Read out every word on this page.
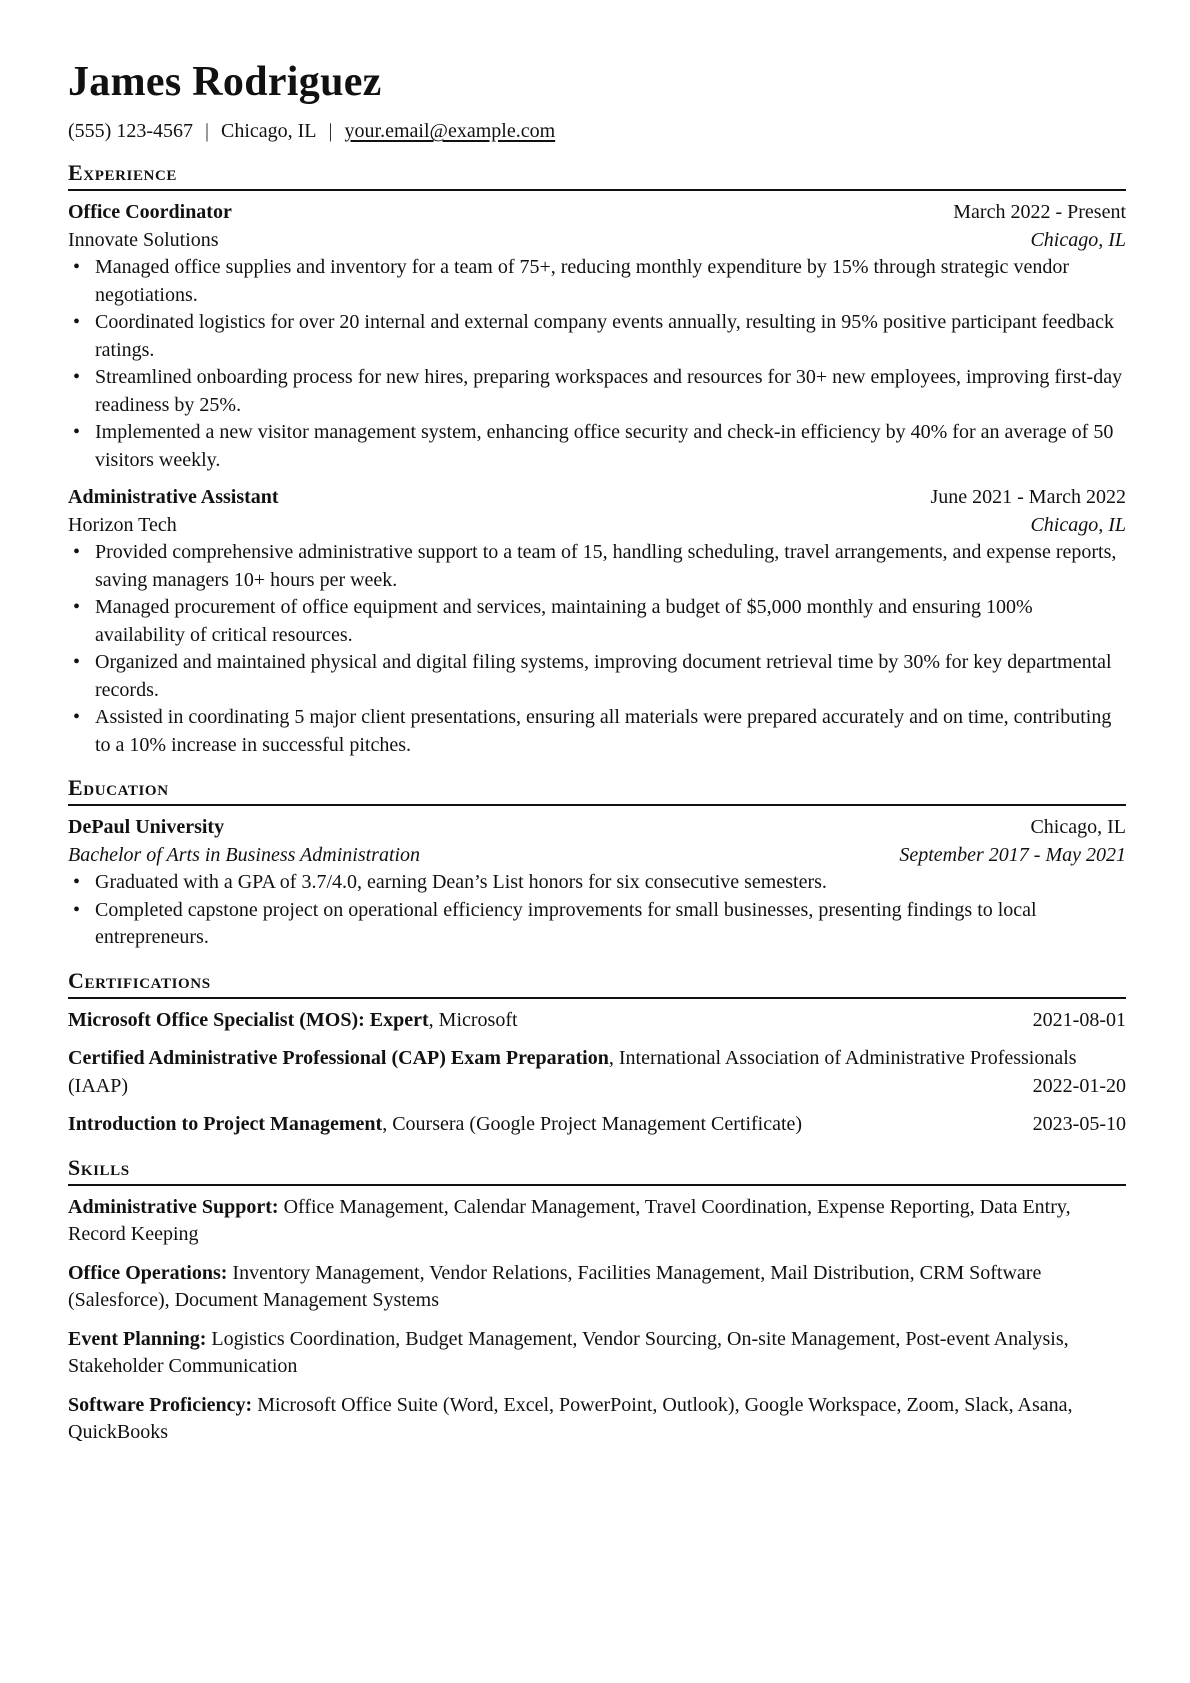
James Rodriguez
(555) 123-4567 | Chicago, IL | your.email@example.com
Experience
Office Coordinator	March 2022 - Present
Innovate Solutions	Chicago, IL
• Managed office supplies and inventory for a team of 75+, reducing monthly expenditure by 15% through strategic vendor negotiations.
• Coordinated logistics for over 20 internal and external company events annually, resulting in 95% positive participant feedback ratings.
• Streamlined onboarding process for new hires, preparing workspaces and resources for 30+ new employees, improving first-day readiness by 25%.
• Implemented a new visitor management system, enhancing office security and check-in efficiency by 40% for an average of 50 visitors weekly.
Administrative Assistant	June 2021 - March 2022
Horizon Tech	Chicago, IL
• Provided comprehensive administrative support to a team of 15, handling scheduling, travel arrangements, and expense reports, saving managers 10+ hours per week.
• Managed procurement of office equipment and services, maintaining a budget of $5,000 monthly and ensuring 100% availability of critical resources.
• Organized and maintained physical and digital filing systems, improving document retrieval time by 30% for key departmental records.
• Assisted in coordinating 5 major client presentations, ensuring all materials were prepared accurately and on time, contributing to a 10% increase in successful pitches.
Education
DePaul University	Chicago, IL
Bachelor of Arts in Business Administration	September 2017 - May 2021
• Graduated with a GPA of 3.7/4.0, earning Dean’s List honors for six consecutive semesters.
• Completed capstone project on operational efficiency improvements for small businesses, presenting findings to local entrepreneurs.
Certifications
Microsoft Office Specialist (MOS): Expert, Microsoft	2021-08-01
Certified Administrative Professional (CAP) Exam Preparation, International Association of Administrative Professionals (IAAP)	2022-01-20
Introduction to Project Management, Coursera (Google Project Management Certificate)	2023-05-10
Skills
Administrative Support: Office Management, Calendar Management, Travel Coordination, Expense Reporting, Data Entry, Record Keeping
Office Operations: Inventory Management, Vendor Relations, Facilities Management, Mail Distribution, CRM Software (Salesforce), Document Management Systems
Event Planning: Logistics Coordination, Budget Management, Vendor Sourcing, On-site Management, Post-event Analysis, Stakeholder Communication
Software Proficiency: Microsoft Office Suite (Word, Excel, PowerPoint, Outlook), Google Workspace, Zoom, Slack, Asana, QuickBooks
